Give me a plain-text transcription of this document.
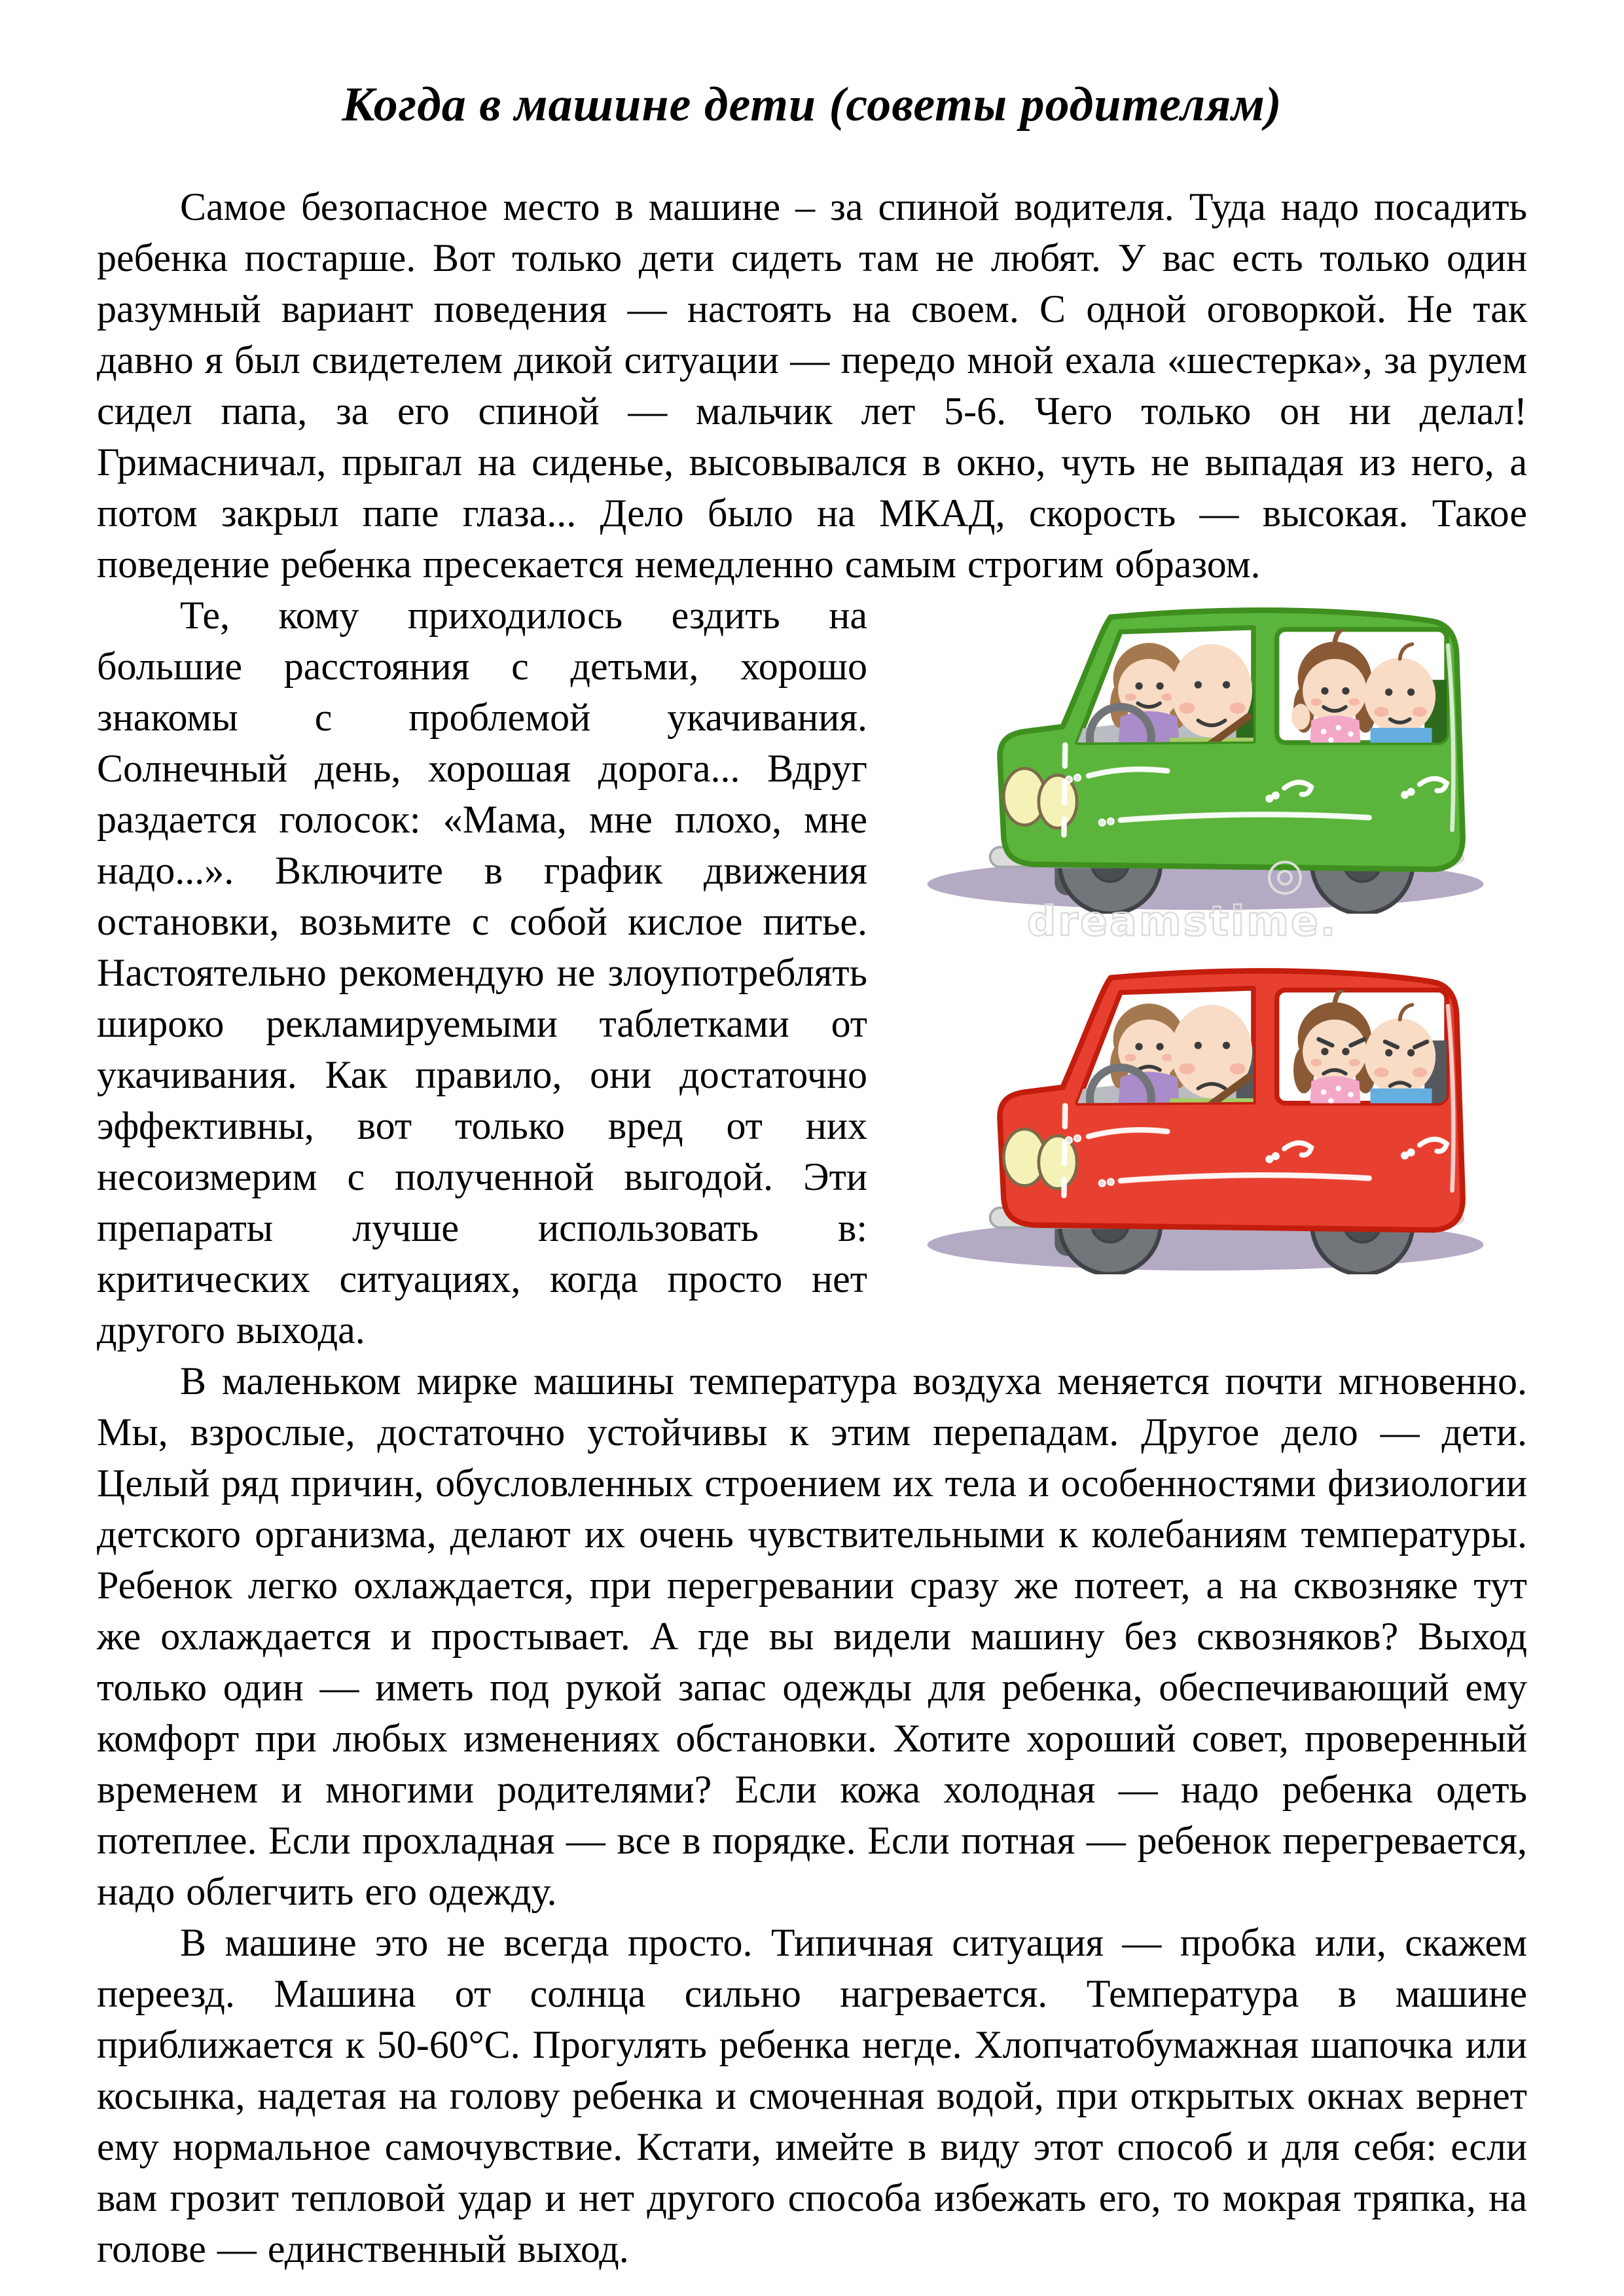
Когда в машине дети (советы родителям)

Самое безопасное место в машине – за спиной водителя. Туда надо посадить ребенка постарше. Вот только дети сидеть там не любят. У вас есть только один разумный вариант поведения — настоять на своем. С одной оговоркой. Не так давно я был свидетелем дикой ситуации — передо мной ехала «шестерка», за рулем сидел папа, за его спиной — мальчик лет 5-6. Чего только он ни делал! Гримасничал, прыгал на сиденье, высовывался в окно, чуть не выпадая из него, а потом закрыл папе глаза... Дело было на МКАД, скорость — высокая. Такое поведение ребенка пресекается немедленно самым строгим образом.

dreamstime.

Те, кому приходилось ездить на большие расстояния с детьми, хорошо знакомы с проблемой укачивания. Солнечный день, хорошая дорога... Вдруг раздается голосок: «Мама, мне плохо, мне надо...». Включите в график движения остановки, возьмите с собой кислое питье. Настоятельно рекомендую не злоупотреблять широко рекламируемыми таблетками от укачивания. Как правило, они достаточно эффективны, вот только вред от них несоизмерим с полученной выгодой. Эти препараты лучше использовать в: критических ситуациях, когда просто нет другого выхода.

В маленьком мирке машины температура воздуха меняется почти мгновенно. Мы, взрослые, достаточно устойчивы к этим перепадам. Другое дело — дети. Целый ряд причин, обусловленных строением их тела и особенностями физиологии детского организма, делают их очень чувствительными к колебаниям температуры. Ребенок легко охлаждается, при перегревании сразу же потеет, а на сквозняке тут же охлаждается и простывает. А где вы видели машину без сквозняков? Выход только один — иметь под рукой запас одежды для ребенка, обеспечивающий ему комфорт при любых изменениях обстановки. Хотите хороший совет, проверенный временем и многими родителями? Если кожа холодная — надо ребенка одеть потеплее. Если прохладная — все в порядке. Если потная — ребенок перегревается, надо облегчить его одежду.

В машине это не всегда просто. Типичная ситуация — пробка или, скажем переезд. Машина от солнца сильно нагревается. Температура в машине приближается к 50-60°С. Прогулять ребенка негде. Хлопчатобумажная шапочка или косынка, надетая на голову ребенка и смоченная водой, при открытых окнах вернет ему нормальное самочувствие. Кстати, имейте в виду этот способ и для себя: если вам грозит тепловой удар и нет другого способа избежать его, то мокрая тряпка, на голове — единственный выход.
